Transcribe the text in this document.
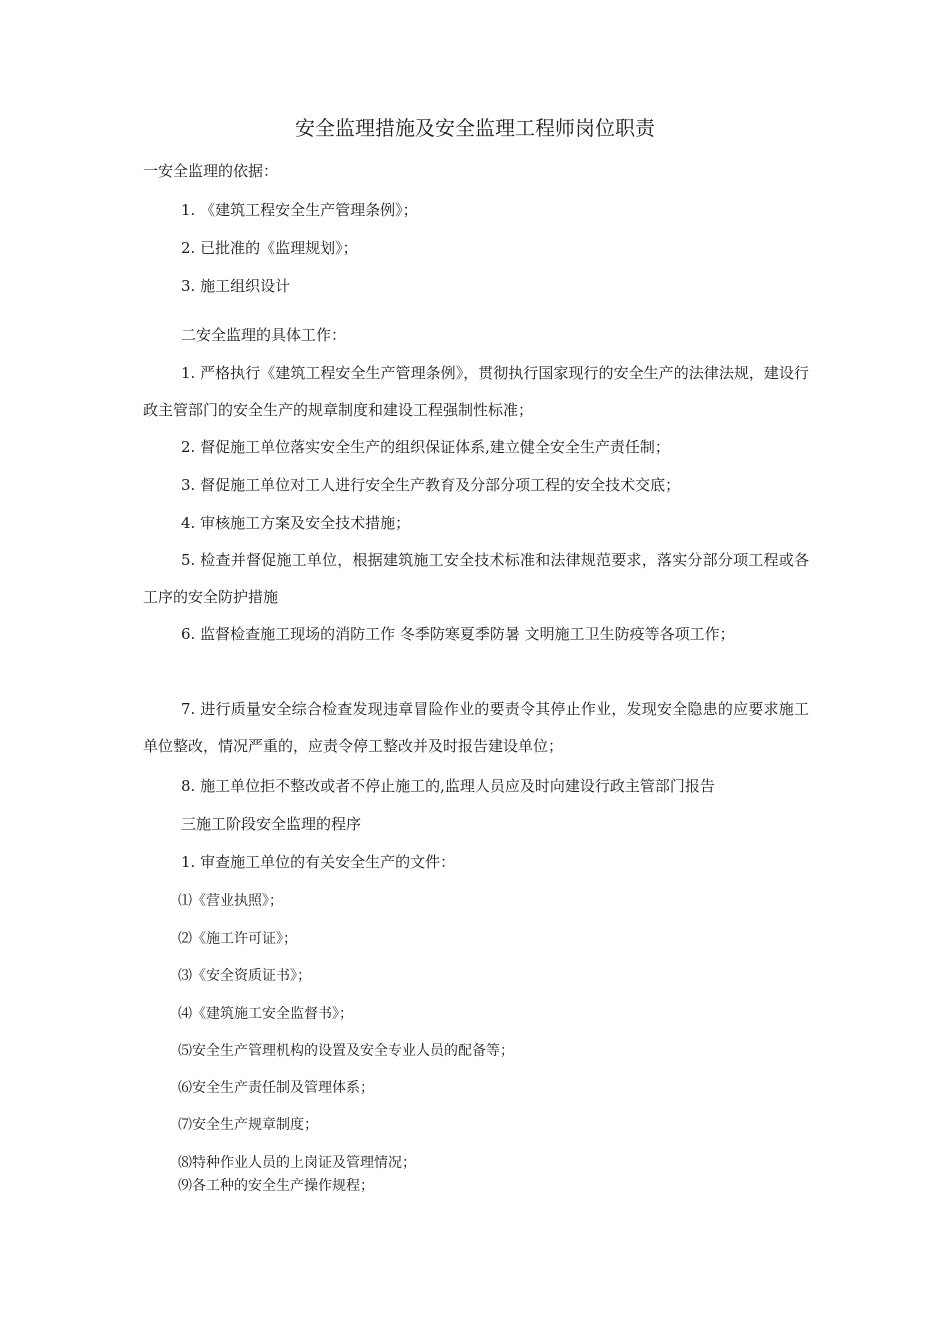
安全监理措施及安全监理工程师岗位职责
一安全监理的依据：
1. 《建筑工程安全生产管理条例》；
2. 已批准的《监理规划》；
3. 施工组织设计
二安全监理的具体工作：
1. 严格执行《建筑工程安全生产管理条例》，贯彻执行国家现行的安全生产的法律法规，建设行政主管部门的安全生产的规章制度和建设工程强制性标准；
2. 督促施工单位落实安全生产的组织保证体系,建立健全安全生产责任制；
3. 督促施工单位对工人进行安全生产教育及分部分项工程的安全技术交底；
4. 审核施工方案及安全技术措施；
5. 检查并督促施工单位，根据建筑施工安全技术标准和法律规范要求，落实分部分项工程或各工序的安全防护措施
6. 监督检查施工现场的消防工作 冬季防寒夏季防暑 文明施工卫生防疫等各项工作；
7. 进行质量安全综合检查发现违章冒险作业的要责令其停止作业，发现安全隐患的应要求施工单位整改，情况严重的，应责令停工整改并及时报告建设单位；
8. 施工单位拒不整改或者不停止施工的,监理人员应及时向建设行政主管部门报告
三施工阶段安全监理的程序
1. 审查施工单位的有关安全生产的文件：
⑴《营业执照》；
⑵《施工许可证》；
⑶《安全资质证书》；
⑷《建筑施工安全监督书》；
⑸安全生产管理机构的设置及安全专业人员的配备等；
⑹安全生产责任制及管理体系；
⑺安全生产规章制度；
⑻特种作业人员的上岗证及管理情况；
⑼各工种的安全生产操作规程；
